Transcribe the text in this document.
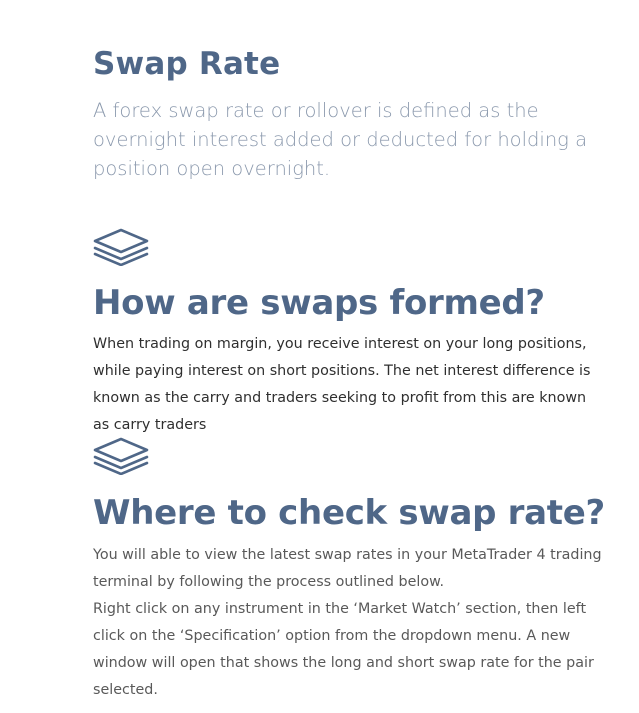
Swap Rate

A forex swap rate or rollover is defined as the overnight interest added or deducted for holding a position open overnight.

How are swaps formed?

When trading on margin, you receive interest on your long positions, while paying interest on short positions. The net interest difference is known as the carry and traders seeking to profit from this are known as carry traders

Where to check swap rate?
You will able to view the latest swap rates in your MetaTrader 4 trading terminal by following the process outlined below.
Right click on any instrument in the ‘Market Watch’ section, then left click on the ‘Specification’ option from the dropdown menu. A new window will open that shows the long and short swap rate for the pair selected.
